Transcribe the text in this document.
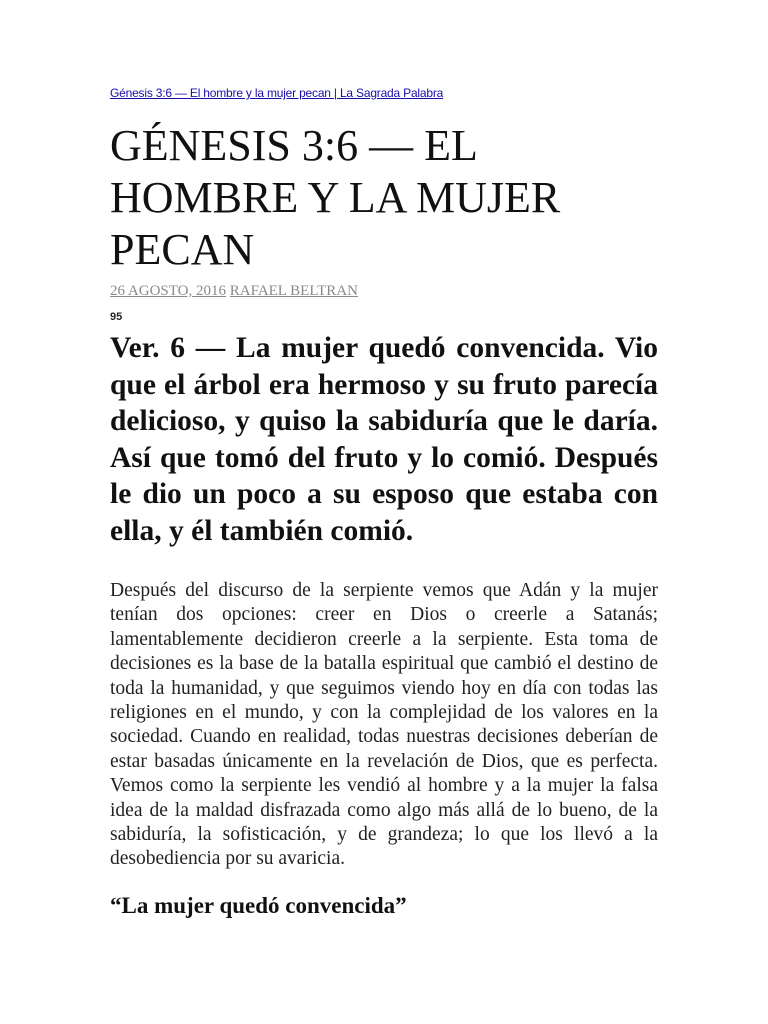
Génesis 3:6 — El hombre y la mujer pecan | La Sagrada Palabra
GÉNESIS 3:6 — EL HOMBRE Y LA MUJER PECAN
26 AGOSTO, 2016 RAFAEL BELTRAN
95

Ver. 6 — La mujer quedó convencida. Vio que el árbol era hermoso y su fruto parecía delicioso, y quiso la sabiduría que le daría. Así que tomó del fruto y lo comió. Después le dio un poco a su esposo que estaba con ella, y él también comió.

Después del discurso de la serpiente vemos que Adán y la mujer tenían dos opciones: creer en Dios o creerle a Satanás; lamentablemente decidieron creerle a la serpiente. Esta toma de decisiones es la base de la batalla espiritual que cambió el destino de toda la humanidad, y que seguimos viendo hoy en día con todas las religiones en el mundo, y con la complejidad de los valores en la sociedad. Cuando en realidad, todas nuestras decisiones deberían de estar basadas únicamente en la revelación de Dios, que es perfecta. Vemos como la serpiente les vendió al hombre y a la mujer la falsa idea de la maldad disfrazada como algo más allá de lo bueno, de la sabiduría, la sofisticación, y de grandeza; lo que los llevó a la desobediencia por su avaricia.

“La mujer quedó convencida”
